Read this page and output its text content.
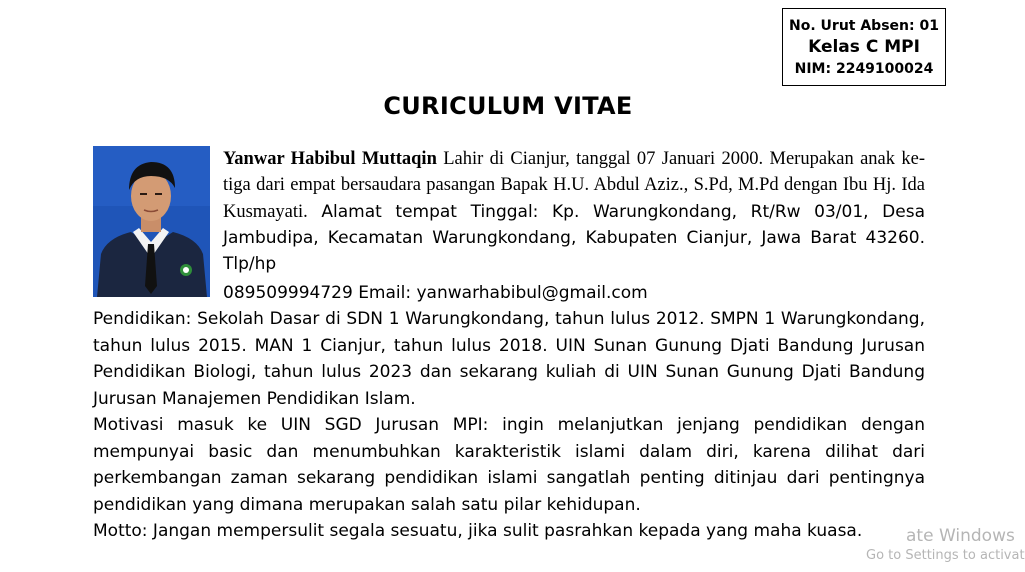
No. Urut Absen: 01
Kelas C MPI
NIM: 2249100024
CURICULUM VITAE
Yanwar Habibul Muttaqin Lahir di Cianjur, tanggal 07 Januari 2000. Merupakan anak ke-tiga dari empat bersaudara pasangan Bapak H.U. Abdul Aziz., S.Pd, M.Pd dengan Ibu Hj. Ida Kusmayati. Alamat tempat Tinggal: Kp. Warungkondang, Rt/Rw 03/01, Desa Jambudipa, Kecamatan Warungkondang, Kabupaten Cianjur, Jawa Barat 43260. Tlp/hp
089509994729 Email: yanwarhabibul@gmail.com

Pendidikan: Sekolah Dasar di SDN 1 Warungkondang, tahun lulus 2012. SMPN 1 Warungkondang, tahun lulus 2015. MAN 1 Cianjur, tahun lulus 2018. UIN Sunan Gunung Djati Bandung Jurusan Pendidikan Biologi, tahun lulus 2023 dan sekarang kuliah di UIN Sunan Gunung Djati Bandung Jurusan Manajemen Pendidikan Islam.

Motivasi masuk ke UIN SGD Jurusan MPI: ingin melanjutkan jenjang pendidikan dengan mempunyai basic dan menumbuhkan karakteristik islami dalam diri, karena dilihat dari perkembangan zaman sekarang pendidikan islami sangatlah penting ditinjau dari pentingnya pendidikan yang dimana merupakan salah satu pilar kehidupan.

Motto: Jangan mempersulit segala sesuatu, jika sulit pasrahkan kepada yang maha kuasa.	ate Windows
Go to Settings to activat
